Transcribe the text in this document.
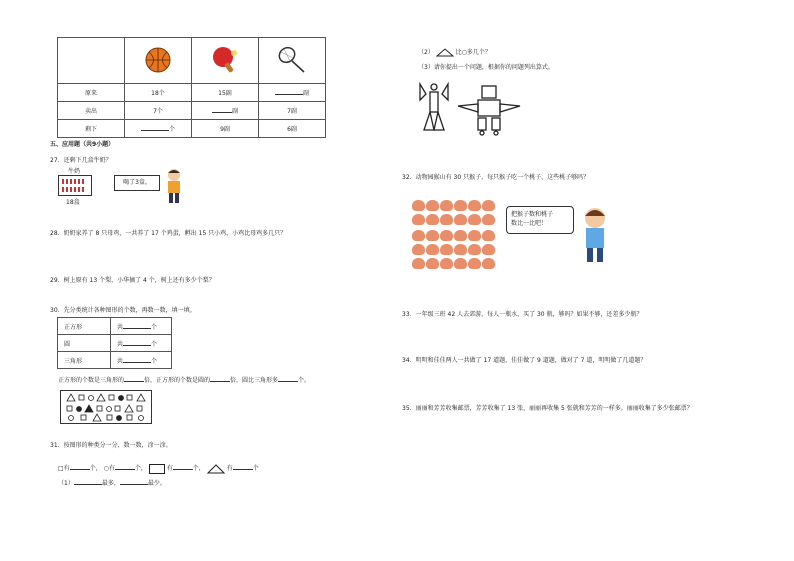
原来	18个	15副	副
卖出	7个	副	7副
剩下	个	9副	6副
五、应用题（共9小题）
27．还剩下几盒牛奶？
牛奶
18盒
喝了3盒。
28．奶奶家养了 8 只母鸡，一共养了 17 个鸡蛋，孵出 15 只小鸡，小鸡比母鸡多几只？
29．树上原有 13 个梨，小华摘了 4 个，树上还有多少个梨？
30．先分类统计各种图形的个数，再数一数，填一填。
正方形	共 个
圆	共 个
三角形	共 个
正方形的个数是三角形的	倍，正方形的个数是圆的	倍，圆比三角形多	个。
31．按图形的种类分一分，数一数，涂一涂。
□有	个， ○有	个，	有	个，	有	个
（1）	最多，	最少。
（2）	比○多几个？
（3）请你提出一个问题，根据你的问题列出算式。
32．动物园猴山有 30 只猴子，每只猴子吃一个桃子，这些桃子够吗？
把猴子数和桃子
数比一比吧！
33．一年级三班 42 人去郊游，每人一瓶水，买了 30 瓶，够吗？如果不够，还差多少瓶？
34．明明和佳佳两人一共做了 17 道题，佳佳做了 9 道题，做对了 7 道，明明做了几道题？
35．丽丽和芳芳收集邮票，芳芳收集了 13 张，丽丽再收集 5 张就和芳芳的一样多。丽丽收集了多少张邮票？
